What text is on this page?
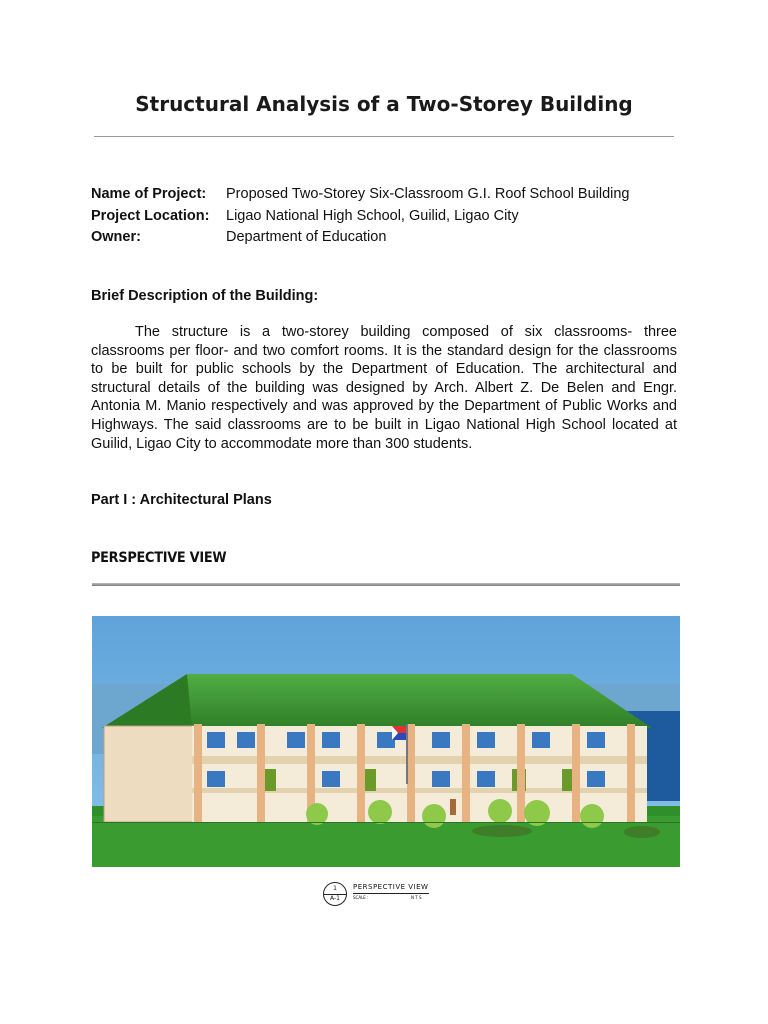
Structural Analysis of a Two-Storey Building
Name of Project:	Proposed Two-Storey Six-Classroom G.I. Roof School Building
Project Location:	Ligao National High School, Guilid, Ligao City
Owner:	Department of Education
Brief Description of the Building:

The structure is a two-storey building composed of six classrooms- three classrooms per floor- and two comfort rooms. It is the standard design for the classrooms to be built for public schools by the Department of Education. The architectural and structural details of the building was designed by Arch. Albert Z. De Belen and Engr. Antonia M. Manio respectively and was approved by the Department of Public Works and Highways. The said classrooms are to be built in Ligao National High School located at Guilid, Ligao City to accommodate more than 300 students.

Part I : Architectural Plans
PERSPECTIVE VIEW
1
A-1
PERSPECTIVE VIEW
SCALE :	N T S
